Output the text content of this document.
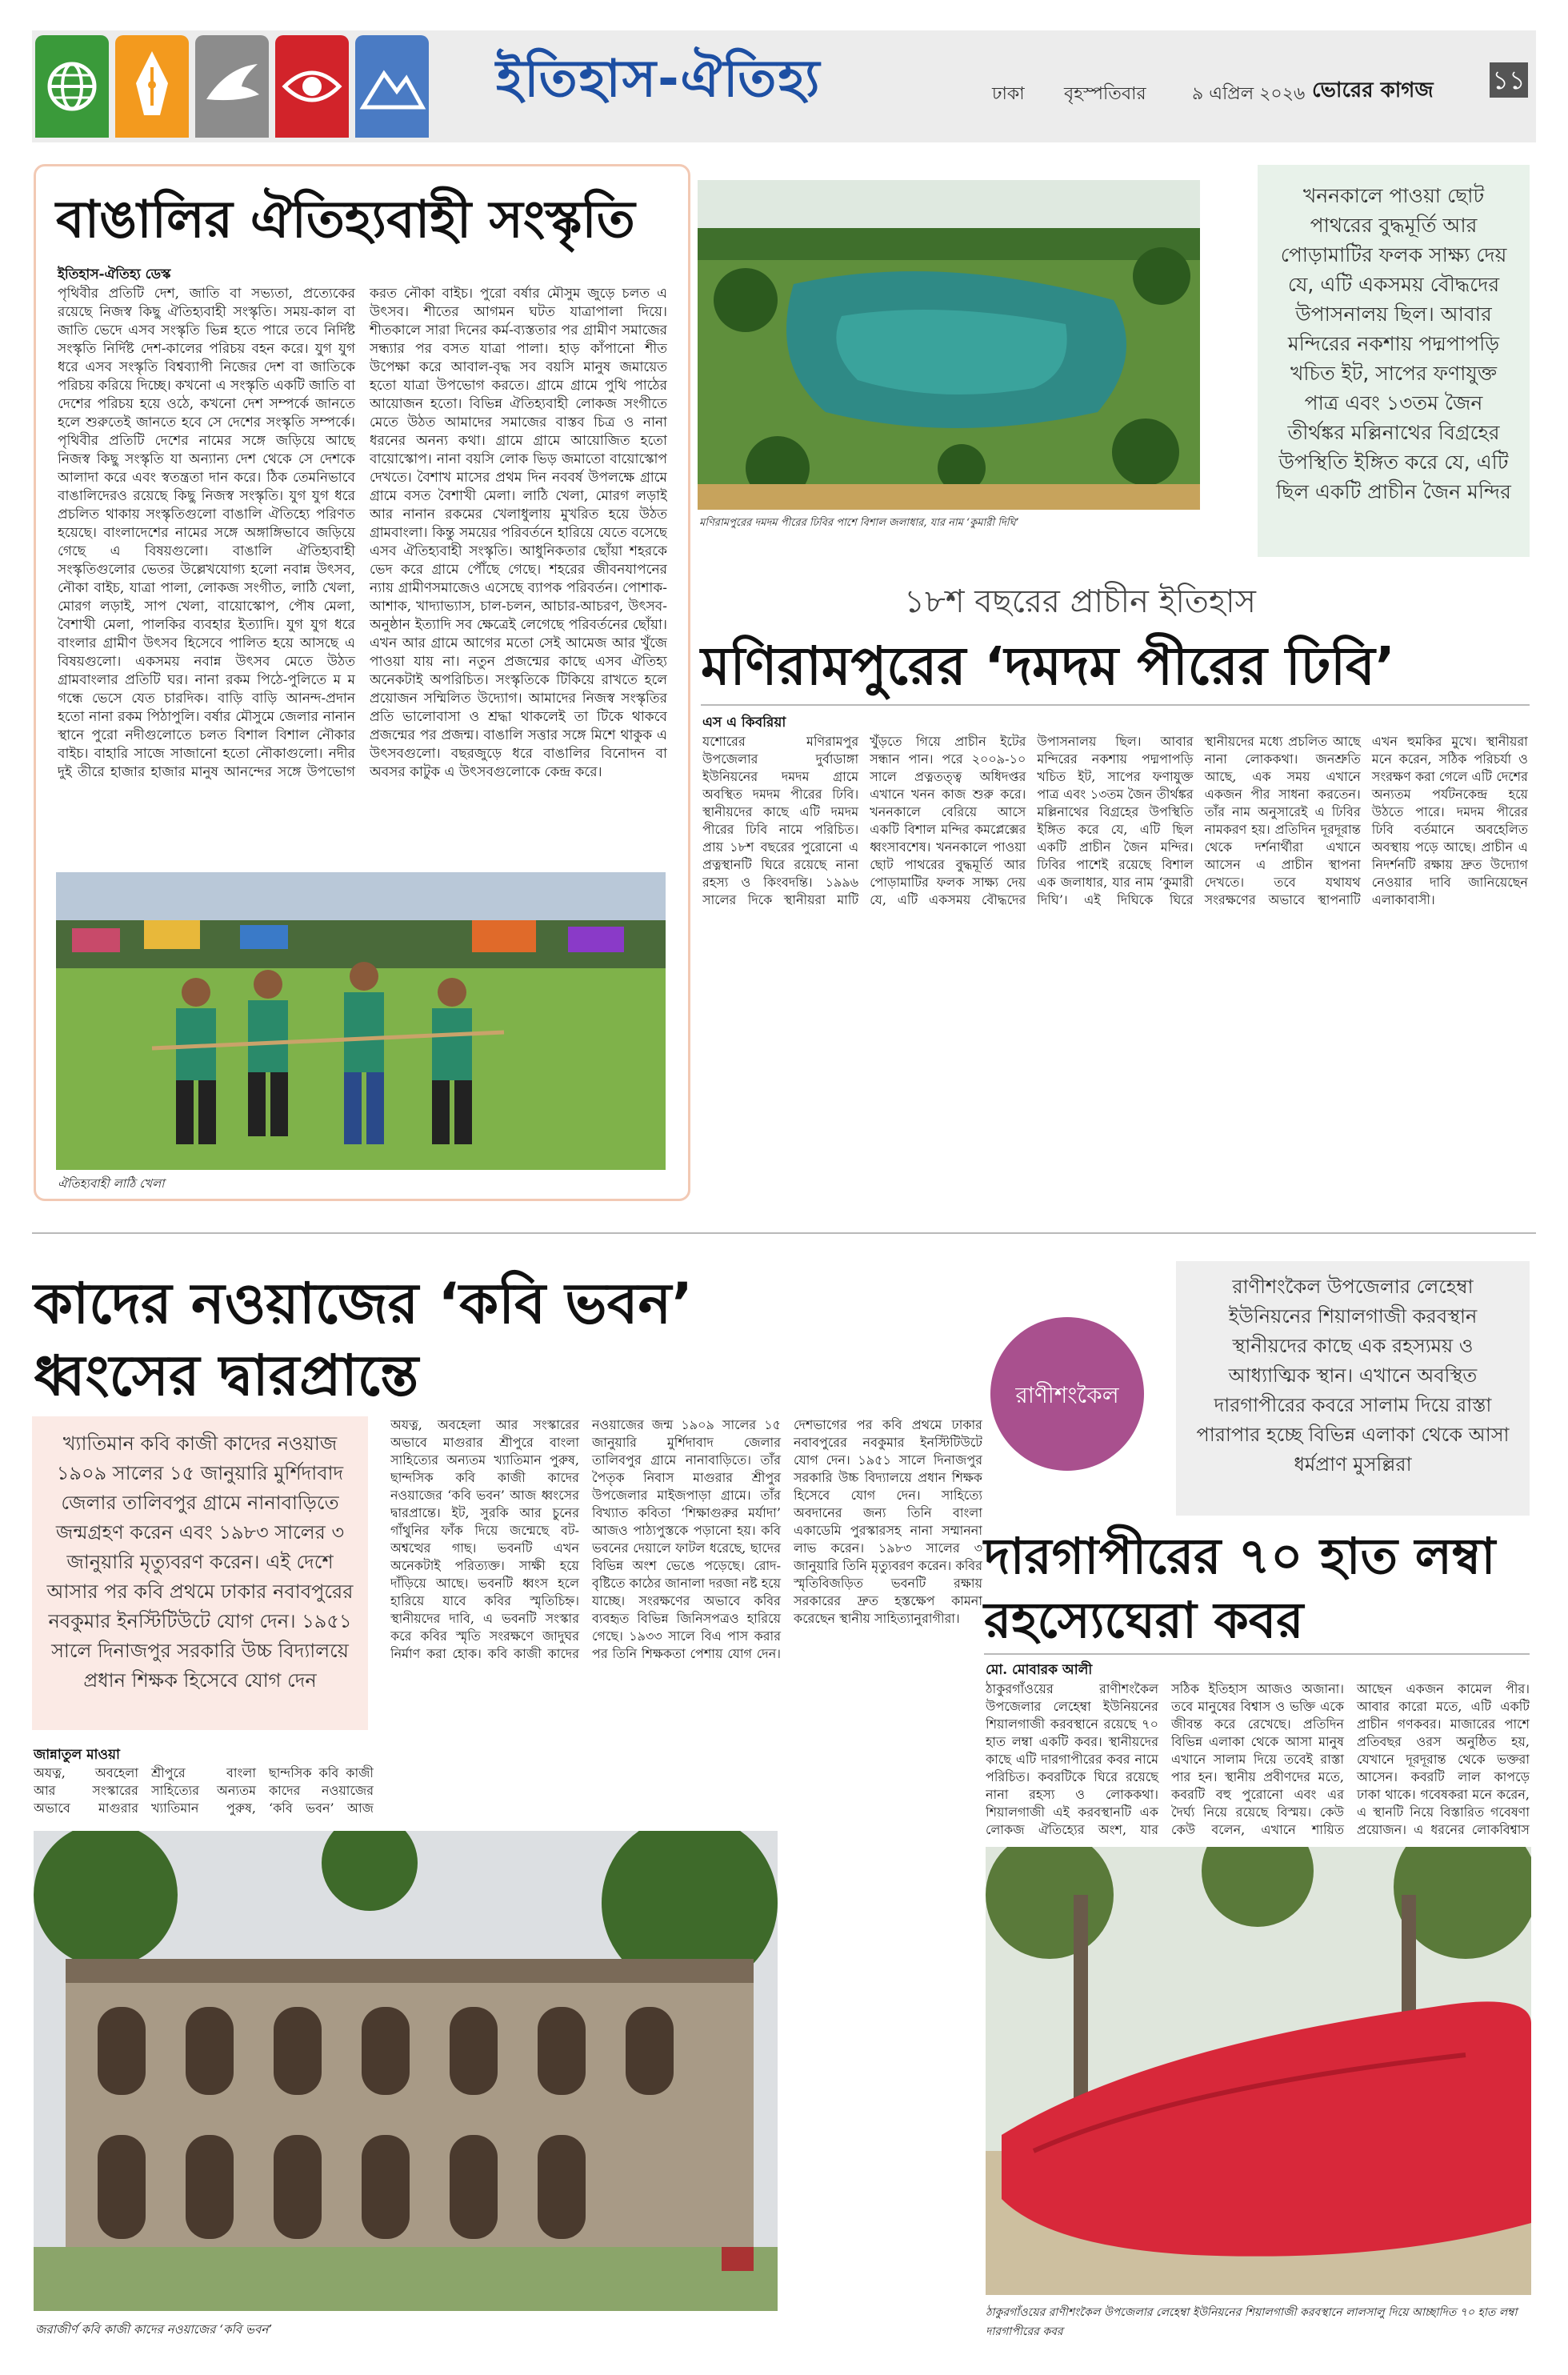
ইতিহাস-ঐতিহ্য	ঢাকা বৃহস্পতিবার	৯ এপ্রিল ২০২৬ ভোরের কাগজ ১১
বাঙালির ঐতিহ্যবাহী সংস্কৃতি
ইতিহাস-ঐতিহ্য ডেস্ক
পৃথিবীর প্রতিটি দেশ, জাতি বা সভ্যতা, প্রত্যেকের রয়েছে নিজস্ব কিছু ঐতিহ্যবাহী সংস্কৃতি। সময়-কাল বা জাতি ভেদে এসব সংস্কৃতি ভিন্ন হতে পারে তবে নির্দিষ্ট সংস্কৃতি নির্দিষ্ট দেশ-কালের পরিচয় বহন করে। যুগ যুগ ধরে এসব সংস্কৃতি বিশ্বব্যাপী নিজের দেশ বা জাতিকে পরিচয় করিয়ে দিচ্ছে। কখনো এ সংস্কৃতি একটি জাতি বা দেশের পরিচয় হয়ে ওঠে, কখনো দেশ সম্পর্কে জানতে হলে শুরুতেই জানতে হবে সে দেশের সংস্কৃতি সম্পর্কে। পৃথিবীর প্রতিটি দেশের নামের সঙ্গে জড়িয়ে আছে নিজস্ব কিছু সংস্কৃতি যা অন্যান্য দেশ থেকে সে দেশকে আলাদা করে এবং স্বতন্ত্রতা দান করে। ঠিক তেমনিভাবে বাঙালিদেরও রয়েছে কিছু নিজস্ব সংস্কৃতি। যুগ যুগ ধরে প্রচলিত থাকায় সংস্কৃতিগুলো বাঙালি ঐতিহ্যে পরিণত হয়েছে। বাংলাদেশের নামের সঙ্গে অঙ্গাঙ্গিভাবে জড়িয়ে গেছে এ বিষয়গুলো। বাঙালি ঐতিহ্যবাহী সংস্কৃতিগুলোর ভেতর উল্লেখযোগ্য হলো নবান্ন উৎসব, নৌকা বাইচ, যাত্রা পালা, লোকজ সংগীত, লাঠি খেলা, মোরগ লড়াই, সাপ খেলা, বায়োস্কোপ, পৌষ মেলা, বৈশাখী মেলা, পালকির ব্যবহার ইত্যাদি। যুগ যুগ ধরে বাংলার গ্রামীণ উৎসব হিসেবে পালিত হয়ে আসছে এ বিষয়গুলো। একসময় নবান্ন উৎসব মেতে উঠত গ্রামবাংলার প্রতিটি ঘর। নানা রকম পিঠে-পুলিতে ম ম গন্ধে ভেসে যেত চারদিক। বাড়ি বাড়ি আনন্দ-প্রদান হতো নানা রকম পিঠাপুলি। বর্ষার মৌসুমে জেলার নানান স্থানে পুরো নদীগুলোতে চলত বিশাল বিশাল নৌকার বাইচ। বাহারি সাজে সাজানো হতো নৌকাগুলো। নদীর দুই তীরে হাজার হাজার মানুষ আনন্দের সঙ্গে উপভোগ করত নৌকা বাইচ। পুরো বর্ষার মৌসুম জুড়ে চলত এ উৎসব। শীতের আগমন ঘটত যাত্রাপালা দিয়ে। শীতকালে সারা দিনের কর্ম-ব্যস্ততার পর গ্রামীণ সমাজের সন্ধ্যার পর বসত যাত্রা পালা। হাড় কাঁপানো শীত উপেক্ষা করে আবাল-বৃদ্ধ সব বয়সি মানুষ জমায়েত হতো যাত্রা উপভোগ করতে। গ্রামে গ্রামে পুথি পাঠের আয়োজন হতো। বিভিন্ন ঐতিহ্যবাহী লোকজ সংগীতে মেতে উঠত আমাদের সমাজের বাস্তব চিত্র ও নানা ধরনের অনন্য কথা। গ্রামে গ্রামে আয়োজিত হতো বায়োস্কোপ। নানা বয়সি লোক ভিড় জমাতো বায়োস্কোপ দেখতে। বৈশাখ মাসের প্রথম দিন নববর্ষ উপলক্ষে গ্রামে গ্রামে বসত বৈশাখী মেলা। লাঠি খেলা, মোরগ লড়াই আর নানান রকমের খেলাধুলায় মুখরিত হয়ে উঠত গ্রামবাংলা। কিন্তু সময়ের পরিবর্তনে হারিয়ে যেতে বসেছে এসব ঐতিহ্যবাহী সংস্কৃতি। আধুনিকতার ছোঁয়া শহরকে ভেদ করে গ্রামে পৌঁছে গেছে। শহরের জীবনযাপনের ন্যায় গ্রামীণসমাজেও এসেছে ব্যাপক পরিবর্তন। পোশাক-আশাক, খাদ্যাভ্যাস, চাল-চলন, আচার-আচরণ, উৎসব-অনুষ্ঠান ইত্যাদি সব ক্ষেত্রেই লেগেছে পরিবর্তনের ছোঁয়া। এখন আর গ্রামে আগের মতো সেই আমেজ আর খুঁজে পাওয়া যায় না। নতুন প্রজন্মের কাছে এসব ঐতিহ্য অনেকটাই অপরিচিত। সংস্কৃতিকে টিকিয়ে রাখতে হলে প্রয়োজন সম্মিলিত উদ্যোগ। আমাদের নিজস্ব সংস্কৃতির প্রতি ভালোবাসা ও শ্রদ্ধা থাকলেই তা টিকে থাকবে প্রজন্মের পর প্রজন্ম। বাঙালি সত্তার সঙ্গে মিশে থাকুক এ উৎসবগুলো। বছরজুড়ে ধরে বাঙালির বিনোদন বা অবসর কাটুক এ উৎসবগুলোকে কেন্দ্র করে।
ঐতিহ্যবাহী লাঠি খেলা
মণিরামপুরের দমদম পীরের ঢিবির পাশে বিশাল জলাধার, যার নাম ‘কুমারী দিঘি’
খননকালে পাওয়া ছোট পাথরের বুদ্ধমূর্তি আর পোড়ামাটির ফলক সাক্ষ্য দেয় যে, এটি একসময় বৌদ্ধদের উপাসনালয় ছিল। আবার মন্দিরের নকশায় পদ্মপাপড়ি খচিত ইট, সাপের ফণাযুক্ত পাত্র এবং ১৩তম জৈন তীর্থঙ্কর মল্লিনাথের বিগ্রহের উপস্থিতি ইঙ্গিত করে যে, এটি ছিল একটি প্রাচীন জৈন মন্দির
১৮শ বছরের প্রাচীন ইতিহাস
মণিরামপুরের ‘দমদম পীরের ঢিবি’
এস এ কিবরিয়া
যশোরের মণিরামপুর উপজেলার দুর্বাডাঙ্গা ইউনিয়নের দমদম গ্রামে অবস্থিত দমদম পীরের ঢিবি। স্থানীয়দের কাছে এটি দমদম পীরের ঢিবি নামে পরিচিত। প্রায় ১৮শ বছরের পুরোনো এ প্রত্নস্থানটি ঘিরে রয়েছে নানা রহস্য ও কিংবদন্তি। ১৯৯৬ সালের দিকে স্থানীয়রা মাটি খুঁড়তে গিয়ে প্রাচীন ইটের সন্ধান পান। পরে ২০০৯-১০ সালে প্রত্নতত্ত্ব অধিদপ্তর এখানে খনন কাজ শুরু করে। খননকালে বেরিয়ে আসে একটি বিশাল মন্দির কমপ্লেক্সের ধ্বংসাবশেষ। খননকালে পাওয়া ছোট পাথরের বুদ্ধমূর্তি আর পোড়ামাটির ফলক সাক্ষ্য দেয় যে, এটি একসময় বৌদ্ধদের উপাসনালয় ছিল। আবার মন্দিরের নকশায় পদ্মপাপড়ি খচিত ইট, সাপের ফণাযুক্ত পাত্র এবং ১৩তম জৈন তীর্থঙ্কর মল্লিনাথের বিগ্রহের উপস্থিতি ইঙ্গিত করে যে, এটি ছিল একটি প্রাচীন জৈন মন্দির। ঢিবির পাশেই রয়েছে বিশাল এক জলাধার, যার নাম ‘কুমারী দিঘি’। এই দিঘিকে ঘিরে স্থানীয়দের মধ্যে প্রচলিত আছে নানা লোককথা। জনশ্রুতি আছে, এক সময় এখানে একজন পীর সাধনা করতেন। তাঁর নাম অনুসারেই এ ঢিবির নামকরণ হয়। প্রতিদিন দূরদূরান্ত থেকে দর্শনার্থীরা এখানে আসেন এ প্রাচীন স্থাপনা দেখতে। তবে যথাযথ সংরক্ষণের অভাবে স্থাপনাটি এখন হুমকির মুখে। স্থানীয়রা মনে করেন, সঠিক পরিচর্যা ও সংরক্ষণ করা গেলে এটি দেশের অন্যতম পর্যটনকেন্দ্র হয়ে উঠতে পারে। দমদম পীরের ঢিবি বর্তমানে অবহেলিত অবস্থায় পড়ে আছে। প্রাচীন এ নিদর্শনটি রক্ষায় দ্রুত উদ্যোগ নেওয়ার দাবি জানিয়েছেন এলাকাবাসী।
কাদের নওয়াজের ‘কবি ভবন’
ধ্বংসের দ্বারপ্রান্তে
খ্যাতিমান কবি কাজী কাদের নওয়াজ ১৯০৯ সালের ১৫ জানুয়ারি মুর্শিদাবাদ জেলার তালিবপুর গ্রামে নানাবাড়িতে জন্মগ্রহণ করেন এবং ১৯৮৩ সালের ৩ জানুয়ারি মৃত্যুবরণ করেন। এই দেশে আসার পর কবি প্রথমে ঢাকার নবাবপুরের নবকুমার ইনস্টিটিউটে যোগ দেন। ১৯৫১ সালে দিনাজপুর সরকারি উচ্চ বিদ্যালয়ে প্রধান শিক্ষক হিসেবে যোগ দেন
জান্নাতুল মাওয়া
অযত্ন, অবহেলা আর সংস্কারের অভাবে মাগুরার শ্রীপুরে বাংলা সাহিত্যের অন্যতম খ্যাতিমান পুরুষ, ছান্দসিক কবি কাজী কাদের নওয়াজের ‘কবি ভবন’ আজ
অযত্ন, অবহেলা আর সংস্কারের অভাবে মাগুরার শ্রীপুরে বাংলা সাহিত্যের অন্যতম খ্যাতিমান পুরুষ, ছান্দসিক কবি কাজী কাদের নওয়াজের ‘কবি ভবন’ আজ ধ্বংসের দ্বারপ্রান্তে। ইট, সুরকি আর চুনের গাঁথুনির ফাঁক দিয়ে জন্মেছে বট-অশ্বত্থের গাছ। ভবনটি এখন অনেকটাই পরিত্যক্ত। সাক্ষী হয়ে দাঁড়িয়ে আছে। ভবনটি ধ্বংস হলে হারিয়ে যাবে কবির স্মৃতিচিহ্ন। স্থানীয়দের দাবি, এ ভবনটি সংস্কার করে কবির স্মৃতি সংরক্ষণে জাদুঘর নির্মাণ করা হোক। কবি কাজী কাদের নওয়াজের জন্ম ১৯০৯ সালের ১৫ জানুয়ারি মুর্শিদাবাদ জেলার তালিবপুর গ্রামে নানাবাড়িতে। তাঁর পৈতৃক নিবাস মাগুরার শ্রীপুর উপজেলার মাইজপাড়া গ্রামে। তাঁর বিখ্যাত কবিতা ‘শিক্ষাগুরুর মর্যাদা’ আজও পাঠ্যপুস্তকে পড়ানো হয়। কবি ভবনের দেয়ালে ফাটল ধরেছে, ছাদের বিভিন্ন অংশ ভেঙে পড়েছে। রোদ-বৃষ্টিতে কাঠের জানালা দরজা নষ্ট হয়ে যাচ্ছে। সংরক্ষণের অভাবে কবির ব্যবহৃত বিভিন্ন জিনিসপত্রও হারিয়ে গেছে। ১৯৩৩ সালে বিএ পাস করার পর তিনি শিক্ষকতা পেশায় যোগ দেন। দেশভাগের পর কবি প্রথমে ঢাকার নবাবপুরের নবকুমার ইনস্টিটিউটে যোগ দেন। ১৯৫১ সালে দিনাজপুর সরকারি উচ্চ বিদ্যালয়ে প্রধান শিক্ষক হিসেবে যোগ দেন। সাহিত্যে অবদানের জন্য তিনি বাংলা একাডেমি পুরস্কারসহ নানা সম্মাননা লাভ করেন। ১৯৮৩ সালের ৩ জানুয়ারি তিনি মৃত্যুবরণ করেন। কবির স্মৃতিবিজড়িত ভবনটি রক্ষায় সরকারের দ্রুত হস্তক্ষেপ কামনা করেছেন স্থানীয় সাহিত্যানুরাগীরা।
জরাজীর্ণ কবি কাজী কাদের নওয়াজের ‘কবি ভবন’
রাণীশংকৈল
রাণীশংকৈল উপজেলার লেহেম্বা ইউনিয়নের শিয়ালগাজী করবস্থান স্থানীয়দের কাছে এক রহস্যময় ও আধ্যাত্মিক স্থান। এখানে অবস্থিত দারগাপীরের কবরে সালাম দিয়ে রাস্তা পারাপার হচ্ছে বিভিন্ন এলাকা থেকে আসা ধর্মপ্রাণ মুসল্লিরা
দারগাপীরের ৭০ হাত লম্বা
রহস্যেঘেরা কবর
মো. মোবারক আলী
ঠাকুরগাঁওয়ের রাণীশংকৈল উপজেলার লেহেম্বা ইউনিয়নের শিয়ালগাজী করবস্থানে রয়েছে ৭০ হাত লম্বা একটি কবর। স্থানীয়দের কাছে এটি দারগাপীরের কবর নামে পরিচিত। কবরটিকে ঘিরে রয়েছে নানা রহস্য ও লোককথা। শিয়ালগাজী এই করবস্থানটি এক লোকজ ঐতিহ্যের অংশ, যার সঠিক ইতিহাস আজও অজানা। তবে মানুষের বিশ্বাস ও ভক্তি একে জীবন্ত করে রেখেছে। প্রতিদিন বিভিন্ন এলাকা থেকে আসা মানুষ এখানে সালাম দিয়ে তবেই রাস্তা পার হন। স্থানীয় প্রবীণদের মতে, কবরটি বহু পুরোনো এবং এর দৈর্ঘ্য নিয়ে রয়েছে বিস্ময়। কেউ কেউ বলেন, এখানে শায়িত আছেন একজন কামেল পীর। আবার কারো মতে, এটি একটি প্রাচীন গণকবর। মাজারের পাশে প্রতিবছর ওরস অনুষ্ঠিত হয়, যেখানে দূরদূরান্ত থেকে ভক্তরা আসেন। কবরটি লাল কাপড়ে ঢাকা থাকে। গবেষকরা মনে করেন, এ স্থানটি নিয়ে বিস্তারিত গবেষণা প্রয়োজন। এ ধরনের লোকবিশ্বাস
ঠাকুরগাঁওয়ের রাণীশংকৈল উপজেলার লেহেম্বা ইউনিয়নের শিয়ালগাজী করবস্থানে লালসালু দিয়ে আচ্ছাদিত ৭০ হাত লম্বা দারগাপীরের কবর
